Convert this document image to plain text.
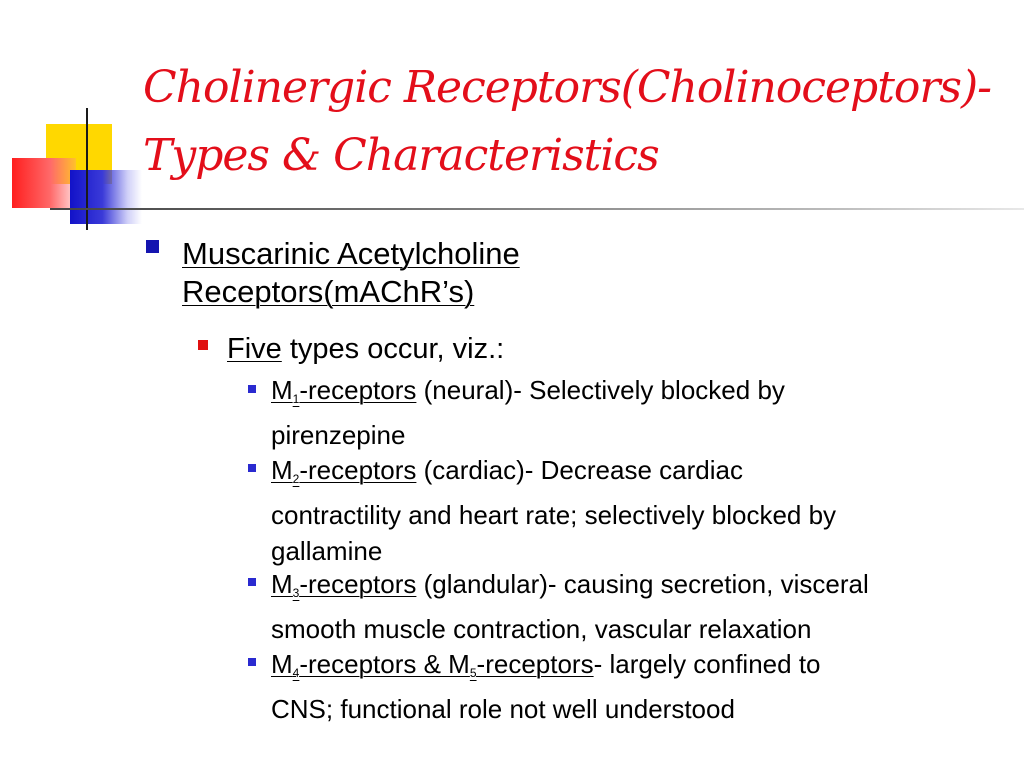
Cholinergic Receptors(Cholinoceptors)-
Types & Characteristics
Muscarinic Acetylcholine
Receptors(mAChR’s)
Five types occur, viz.:
$M_1$-receptors (neural)- Selectively blocked by
pirenzepine
$M_2$-receptors (cardiac)- Decrease cardiac
contractility and heart rate; selectively blocked by
gallamine
$M_3$-receptors (glandular)- causing secretion, visceral
smooth muscle contraction, vascular relaxation
$M_4$-receptors & $M_5-receptors-$ largely confined to
CNS; functional role not well understood
